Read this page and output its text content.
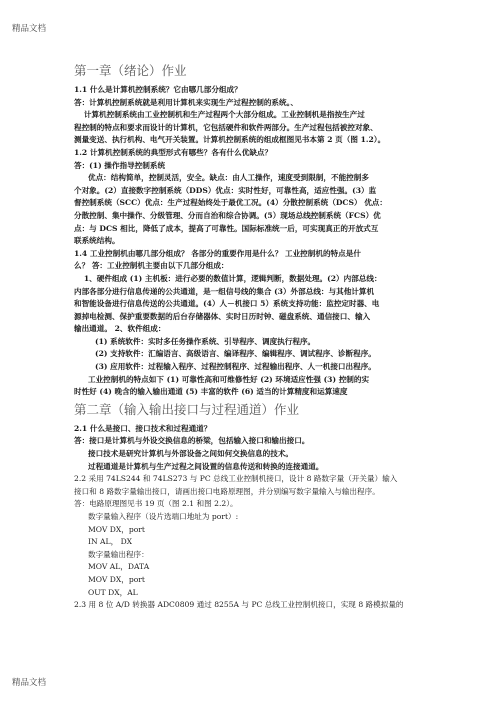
精品文档
第一章（绪论）作业

1.1 什么是计算机控制系统？它由哪几部分组成？

答：计算机控制系统就是利用计算机来实现生产过程控制的系统。、

计算机控制系统由工业控制机和生产过程两个大部分组成。工业控制机是指按生产过

程控制的特点和要求而设计的计算机，它包括硬件和软件两部分。生产过程包括被控对象、

测量变送、执行机构、电气开关装置。计算机控制系统的组成框图见书本第 2 页（图 1.2）。

1.2 计算机控制系统的典型形式有哪些？各有什么优缺点？

答：(1) 操作指导控制系统

优点：结构简单，控制灵活，安全。缺点：由人工操作，速度受到限制，不能控制多

个对象。(2）直接数字控制系统（DDS）优点：实时性好，可靠性高，适应性强。(3）监

督控制系统（SCC）优点：生产过程始终处于最优工况。(4）分散控制系统（DCS） 优点：

分散控制、集中操作、分级管理、分而自治和综合协调。(5）现场总线控制系统（FCS）优

点：与 DCS 相比，降低了成本，提高了可靠性。国际标准统一后，可实现真正的开放式互

联系统结构。

1.4 工业控制机由哪几部分组成？ 各部分的重要作用是什么？ 工业控制机的特点是什

么？ 答：工业控制机主要由以下几部分组成：

1、硬件组成 (1) 主机板：进行必要的数值计算，逻辑判断，数据处理。(2）内部总线：

内部各部分进行信息传递的公共通道，是一组信号线的集合 (3）外部总线：与其他计算机

和智能设备进行信息传送的公共通道。(4）人－机接口 5）系统支持功能：监控定时器、电

源掉电检测、保护重要数据的后台存储器体、实时日历时钟、磁盘系统、通信接口、输入

输出通道。 2、软件组成：

(1) 系统软件：实时多任务操作系统、引导程序、调度执行程序。

(2) 支持软件：汇编语言、高级语言、编译程序、编辑程序、调试程序、诊断程序。

(3) 应用软件：过程输入程序、过程控制程序、过程输出程序、人一机接口出程序。

工业控制机的特点如下 (1) 可靠性高和可维修性好 (2) 环境适应性强 (3) 控制的实

时性好 (4) 晚含的输入输出通道 (5) 丰富的软件 (6) 适当的计算精度和运算速度

第二章（输入输出接口与过程通道）作业

2.1 什么是接口、接口技术和过程通道？

答：接口是计算机与外设交换信息的桥梁，包括输入接口和输出接口。

接口技术是研究计算机与外部设备之间如何交换信息的技术。

过程通道是计算机与生产过程之间设置的信息传送和转换的连接通道。

2.2 采用 74LS244 和 74LS273 与 PC 总线工业控制机接口，设计 8 路数字量（开关量）输入

接口和 8 路数字量输出接口，请画出接口电路原理图，并分别编写数字量输入与输出程序。

答：电路原理图见书 19 页（图 2.1 和图 2.2）。

数字量输入程序（设片选端口地址为 port）:

MOV DX，port

IN AL， DX

数字量输出程序：

MOV AL，DATA

MOV DX，port

OUT DX，AL

2.3 用 8 位 A/D 转换器 ADC0809 通过 8255A 与 PC 总线工业控制机接口，实现 8 路模拟量的

精品文档
